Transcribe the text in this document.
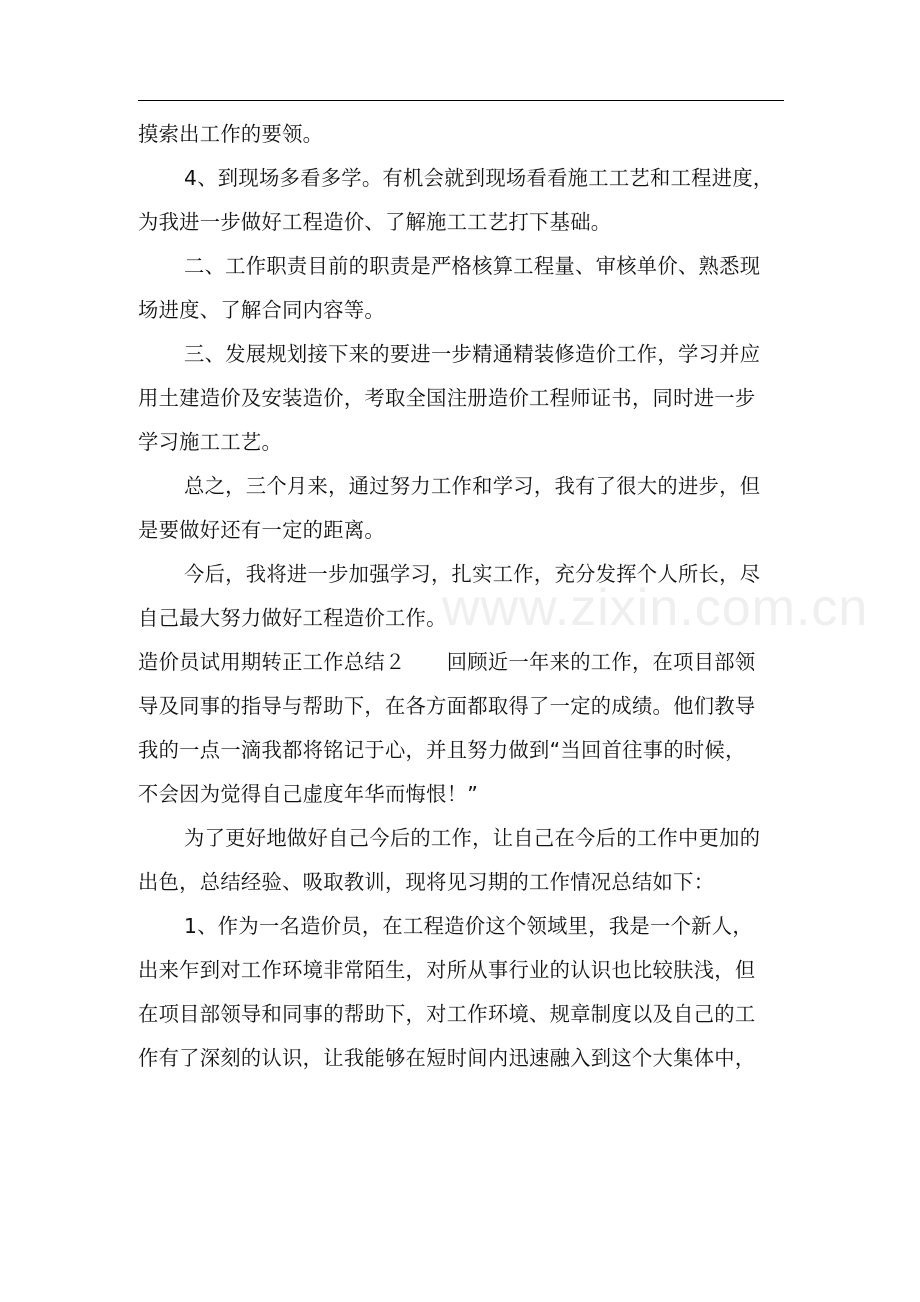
摸索出工作的要领。

4、到现场多看多学。有机会就到现场看看施工工艺和工程进度，

为我进一步做好工程造价、了解施工工艺打下基础。

二、工作职责目前的职责是严格核算工程量、审核单价、熟悉现

场进度、了解合同内容等。

三、发展规划接下来的要进一步精通精装修造价工作，学习并应

用土建造价及安装造价，考取全国注册造价工程师证书，同时进一步

学习施工工艺。

总之，三个月来，通过努力工作和学习，我有了很大的进步，但

是要做好还有一定的距离。

今后，我将进一步加强学习，扎实工作，充分发挥个人所长，尽

自己最大努力做好工程造价工作。

造价员试用期转正工作总结２　　回顾近一年来的工作，在项目部领

导及同事的指导与帮助下，在各方面都取得了一定的成绩。他们教导

我的一点一滴我都将铭记于心，并且努力做到“当回首往事的时候，

不会因为觉得自己虚度年华而悔恨！”

为了更好地做好自己今后的工作，让自己在今后的工作中更加的

出色，总结经验、吸取教训，现将见习期的工作情况总结如下：

1、作为一名造价员，在工程造价这个领域里，我是一个新人，

出来乍到对工作环境非常陌生，对所从事行业的认识也比较肤浅，但

在项目部领导和同事的帮助下，对工作环境、规章制度以及自己的工

作有了深刻的认识，让我能够在短时间内迅速融入到这个大集体中，

www.zixin.com.cn
